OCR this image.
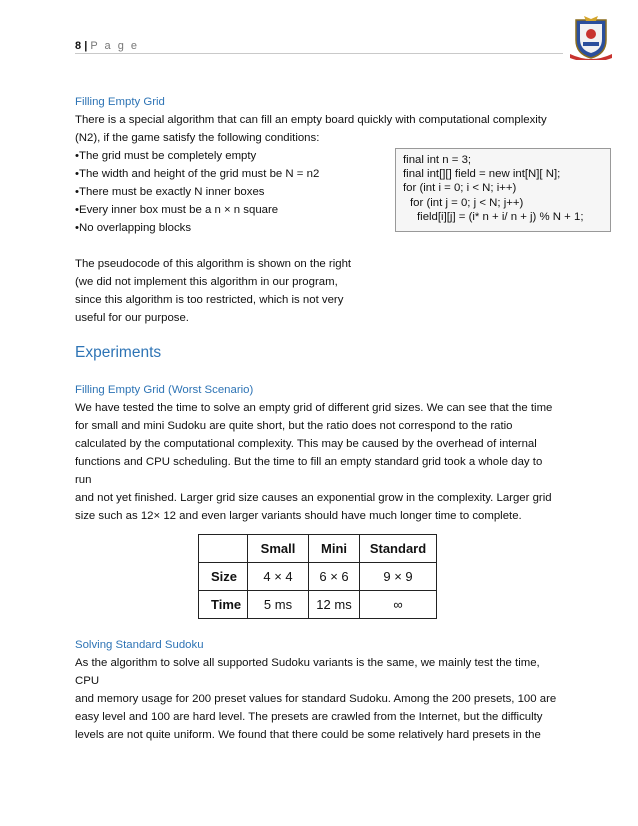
8 | P a g e
Filling Empty Grid
There is a special algorithm that can fill an empty board quickly with computational complexity
(N2), if the game satisfy the following conditions:
•The grid must be completely empty
•The width and height of the grid must be N = n2
•There must be exactly N inner boxes
•Every inner box must be a n × n square
•No overlapping blocks
The pseudocode of this algorithm is shown on the right
(we did not implement this algorithm in our program,
since this algorithm is too restricted, which is not very
useful for our purpose.
final int n = 3;
final int[][] field = new int[N][ N];
for (int i = 0; i < N; i++)
for (int j = 0; j < N; j++)
field[i][j] = (i* n + i/ n + j) % N + 1;
Experiments
Filling Empty Grid (Worst Scenario)
We have tested the time to solve an empty grid of different grid sizes. We can see that the time
for small and mini Sudoku are quite short, but the ratio does not correspond to the ratio
calculated by the computational complexity. This may be caused by the overhead of internal
functions and CPU scheduling. But the time to fill an empty standard grid took a whole day to
run
and not yet finished. Larger grid size causes an exponential grow in the complexity. Larger grid
size such as 12× 12 and even larger variants should have much longer time to complete.
	Small	Mini	Standard
Size	4 × 4	6 × 6	9 × 9
Time	5 ms	12 ms	∞
Solving Standard Sudoku
As the algorithm to solve all supported Sudoku variants is the same, we mainly test the time,
CPU
and memory usage for 200 preset values for standard Sudoku. Among the 200 presets, 100 are
easy level and 100 are hard level. The presets are crawled from the Internet, but the difficulty
levels are not quite uniform. We found that there could be some relatively hard presets in the
